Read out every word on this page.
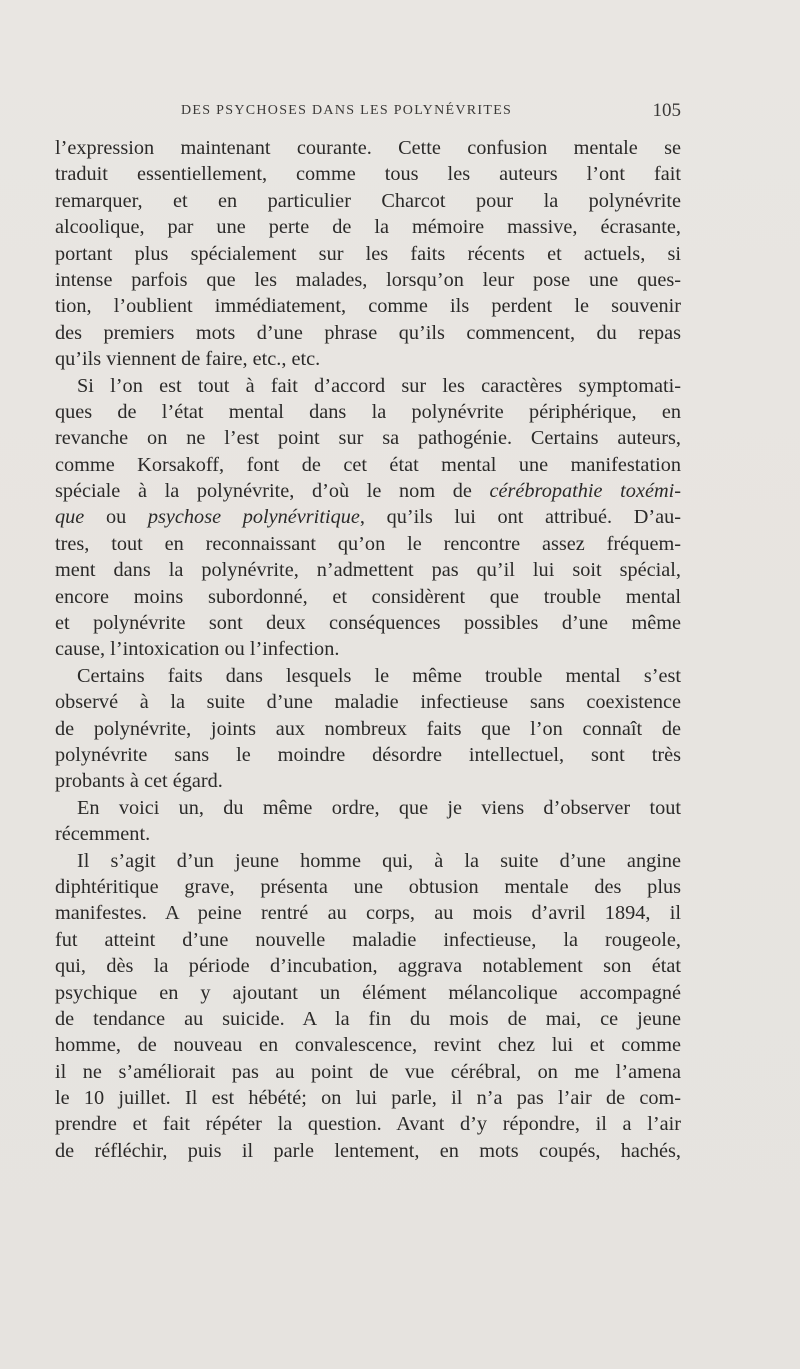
DES PSYCHOSES DANS LES POLYNÉVRITES	105
l’expression maintenant courante. Cette confusion mentale se
traduit essentiellement, comme tous les auteurs l’ont fait
remarquer, et en particulier Charcot pour la polynévrite
alcoolique, par une perte de la mémoire massive, écrasante,
portant plus spécialement sur les faits récents et actuels, si
intense parfois que les malades, lorsqu’on leur pose une ques-
tion, l’oublient immédiatement, comme ils perdent le souvenir
des premiers mots d’une phrase qu’ils commencent, du repas
qu’ils viennent de faire, etc., etc.
Si l’on est tout à fait d’accord sur les caractères symptomati-
ques de l’état mental dans la polynévrite périphérique, en
revanche on ne l’est point sur sa pathogénie. Certains auteurs,
comme Korsakoff, font de cet état mental une manifestation
spéciale à la polynévrite, d’où le nom de cérébropathie toxémi-
que ou psychose polynévritique, qu’ils lui ont attribué. D’au-
tres, tout en reconnaissant qu’on le rencontre assez fréquem-
ment dans la polynévrite, n’admettent pas qu’il lui soit spécial,
encore moins subordonné, et considèrent que trouble mental
et polynévrite sont deux conséquences possibles d’une même
cause, l’intoxication ou l’infection.
Certains faits dans lesquels le même trouble mental s’est
observé à la suite d’une maladie infectieuse sans coexistence
de polynévrite, joints aux nombreux faits que l’on connaît de
polynévrite sans le moindre désordre intellectuel, sont très
probants à cet égard.
En voici un, du même ordre, que je viens d’observer tout
récemment.
Il s’agit d’un jeune homme qui, à la suite d’une angine
diphtéritique grave, présenta une obtusion mentale des plus
manifestes. A peine rentré au corps, au mois d’avril 1894, il
fut atteint d’une nouvelle maladie infectieuse, la rougeole,
qui, dès la période d’incubation, aggrava notablement son état
psychique en y ajoutant un élément mélancolique accompagné
de tendance au suicide. A la fin du mois de mai, ce jeune
homme, de nouveau en convalescence, revint chez lui et comme
il ne s’améliorait pas au point de vue cérébral, on me l’amena
le 10 juillet. Il est hébété; on lui parle, il n’a pas l’air de com-
prendre et fait répéter la question. Avant d’y répondre, il a l’air
de réfléchir, puis il parle lentement, en mots coupés, hachés,
